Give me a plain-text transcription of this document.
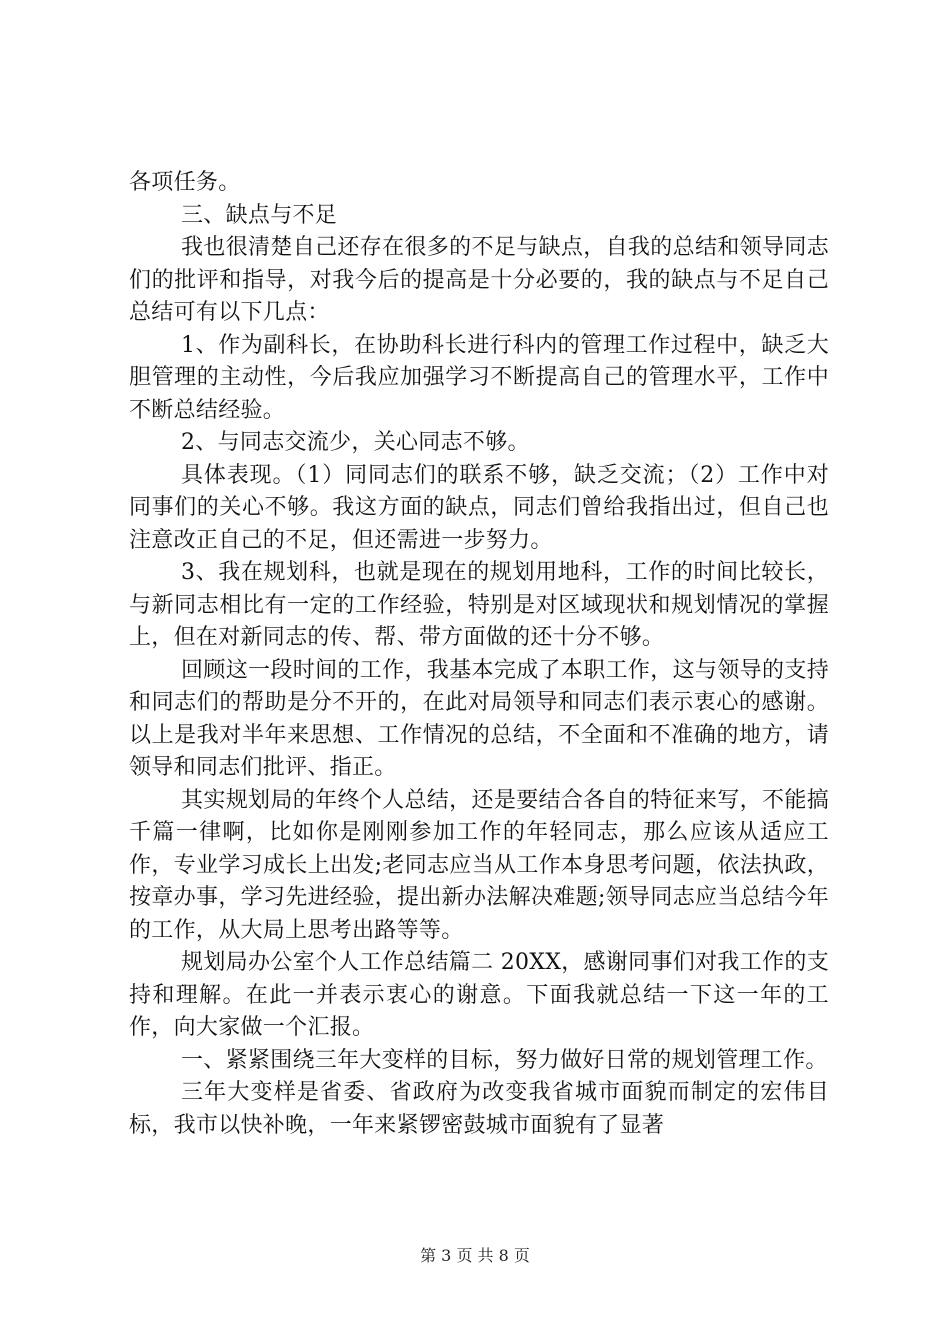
各项任务。

三、缺点与不足

我也很清楚自己还存在很多的不足与缺点，自我的总结和领导同志们的批评和指导，对我今后的提高是十分必要的，我的缺点与不足自己总结可有以下几点：

1、作为副科长，在协助科长进行科内的管理工作过程中，缺乏大胆管理的主动性，今后我应加强学习不断提高自己的管理水平，工作中不断总结经验。

2、与同志交流少，关心同志不够。

具体表现。（1）同同志们的联系不够，缺乏交流；（2）工作中对同事们的关心不够。我这方面的缺点，同志们曾给我指出过，但自己也注意改正自己的不足，但还需进一步努力。

3、我在规划科，也就是现在的规划用地科，工作的时间比较长，与新同志相比有一定的工作经验，特别是对区域现状和规划情况的掌握上，但在对新同志的传、帮、带方面做的还十分不够。

回顾这一段时间的工作，我基本完成了本职工作，这与领导的支持和同志们的帮助是分不开的，在此对局领导和同志们表示衷心的感谢。以上是我对半年来思想、工作情况的总结，不全面和不准确的地方，请领导和同志们批评、指正。

其实规划局的年终个人总结，还是要结合各自的特征来写，不能搞千篇一律啊，比如你是刚刚参加工作的年轻同志，那么应该从适应工作，专业学习成长上出发;老同志应当从工作本身思考问题，依法执政，按章办事，学习先进经验，提出新办法解决难题;领导同志应当总结今年的工作，从大局上思考出路等等。

规划局办公室个人工作总结篇二 20XX，感谢同事们对我工作的支持和理解。在此一并表示衷心的谢意。下面我就总结一下这一年的工作，向大家做一个汇报。

一、紧紧围绕三年大变样的目标，努力做好日常的规划管理工作。

三年大变样是省委、省政府为改变我省城市面貌而制定的宏伟目标，我市以快补晚，一年来紧锣密鼓城市面貌有了显著

第 3 页 共 8 页
